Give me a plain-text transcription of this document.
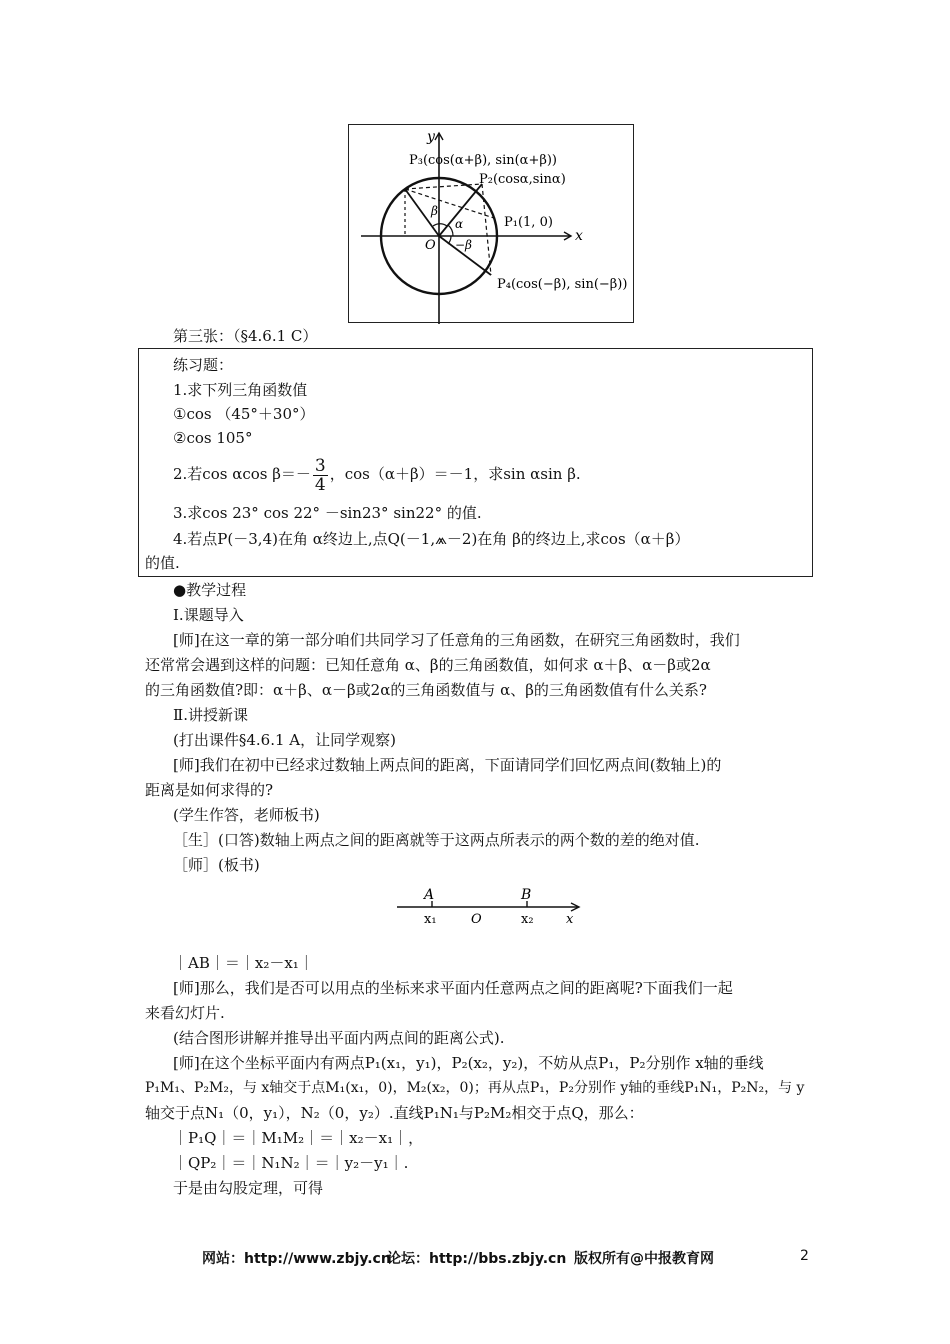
y
x
O
P₁(1, 0)
P₂(cosα,sinα)
P₃(cos(α+β), sin(α+β))
P₄(cos(−β), sin(−β))
α
β
−β
第三张：（§4.6.1 C）
练习题：
1.求下列三角函数值
①cos （45°＋30°）
②cos 105°
2.若cos αcos $\beta=- \frac{3}{4}$ ，cos（α＋β）＝－1，求sin αsin β.
3.求cos 23° cos 22° －sin23° sin22° 的值.
4.若点P(－3,4)在角 α终边上,点Q(－1,⩕－2)在角 β的终边上,求cos（α＋β）
的值.
●教学过程
Ⅰ.课题导入
[师]在这一章的第一部分咱们共同学习了任意角的三角函数，在研究三角函数时，我们
还常常会遇到这样的问题：已知任意角 α、β的三角函数值，如何求 α＋β、α－β或2α
的三角函数值?即：α＋β、α－β或2α的三角函数值与 α、β的三角函数值有什么关系?
Ⅱ.讲授新课
(打出课件§4.6.1 A，让同学观察)
[师]我们在初中已经求过数轴上两点间的距离，下面请同学们回忆两点间(数轴上)的
距离是如何求得的?
(学生作答，老师板书)
［生］(口答)数轴上两点之间的距离就等于这两点所表示的两个数的差的绝对值.
［师］(板书)
A	B
x₁	O	x₂ x
｜AB｜＝｜x₂－x₁｜
[师]那么，我们是否可以用点的坐标来求平面内任意两点之间的距离呢?下面我们一起
来看幻灯片.
(结合图形讲解并推导出平面内两点间的距离公式).
[师]在这个坐标平面内有两点P₁(x₁，y₁)，P₂(x₂，y₂)，不妨从点P₁，P₂分别作 x轴的垂线
P₁M₁、P₂M₂，与 x轴交于点M₁(x₁，0)，M₂(x₂，0)；再从点P₁，P₂分别作 y轴的垂线P₁N₁，P₂N₂，与 y
轴交于点N₁（0，y₁），N₂（0，y₂）.直线P₁N₁与P₂M₂相交于点Q，那么：
｜P₁Q｜＝｜M₁M₂｜＝｜x₂－x₁｜，
｜QP₂｜＝｜N₁N₂｜＝｜y₂－y₁｜.
于是由勾股定理，可得
网站：http://www.zbjy.cn
论坛：http://bbs.zbjy.cn 版权所有@中报教育网	2
